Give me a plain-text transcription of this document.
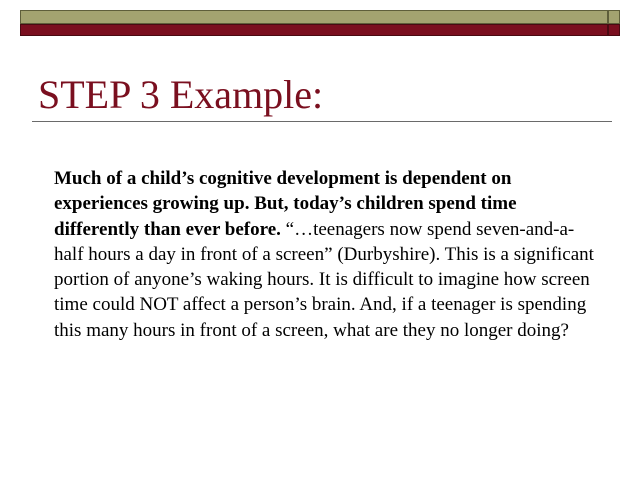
STEP 3 Example:

Much of a child’s cognitive development is dependent on experiences growing up. But, today’s children spend time differently than ever before. “…teenagers now spend seven-and-a-half hours a day in front of a screen” (Durbyshire). This is a significant portion of anyone’s waking hours. It is difficult to imagine how screen time could NOT affect a person’s brain. And, if a teenager is spending this many hours in front of a screen, what are they no longer doing?
